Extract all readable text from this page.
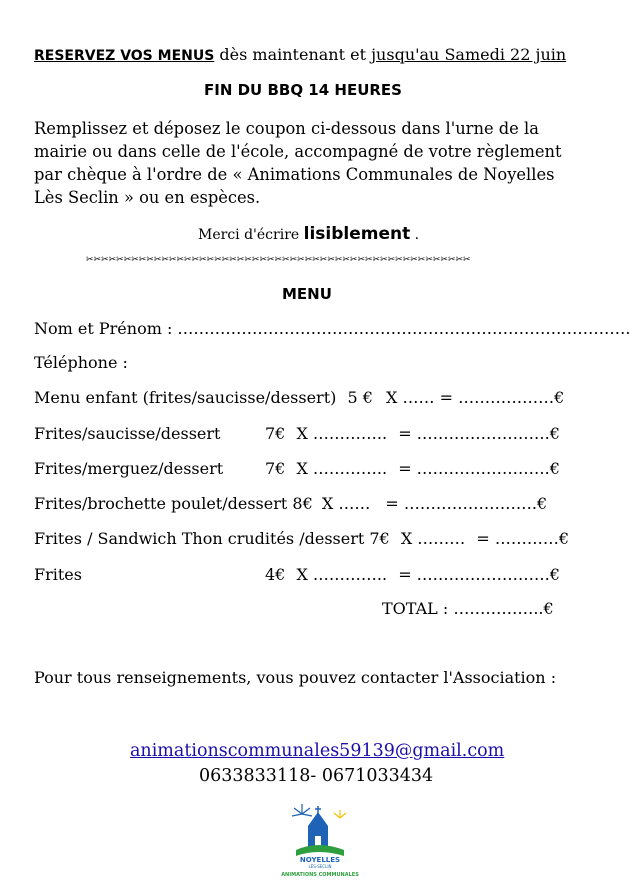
RESERVEZ VOS MENUS dès maintenant et jusqu'au Samedi 22 juin
FIN DU BBQ 14 HEURES
Remplissez et déposez le coupon ci-dessous dans l'urne de la mairie ou dans celle de l'école, accompagné de votre règlement par chèque à l'ordre de « Animations Communales de Noyelles Lès Seclin » ou en espèces.
Merci d'écrire lisiblement .
✂✂✂✂✂✂✂✂✂✂✂✂✂✂✂✂✂✂✂✂✂✂✂✂✂✂✂✂✂✂✂✂✂✂✂✂✂✂✂✂✂✂✂✂✂✂✂✂✂✂✂
MENU
Nom et Prénom : ………………………………………………………………………….
Téléphone :
Menu enfant (frites/saucisse/dessert) 5 € X …… = ………………€
Frites/saucisse/dessert	7€ X ………….. = …………………….€
Frites/merguez/dessert	7€ X ………….. = …………………….€
Frites/brochette poulet/dessert 8€ X …… = …………………….€
Frites / Sandwich Thon crudités /dessert 7€ X ……… = …………€
Frites	4€ X ………….. = …………………….€
TOTAL : ……………..€
Pour tous renseignements, vous pouvez contacter l'Association :
animationscommunales59139@gmail.com
0633833118- 0671033434
NOYELLES
LÈS-SECLIN
ANIMATIONS COMMUNALES
